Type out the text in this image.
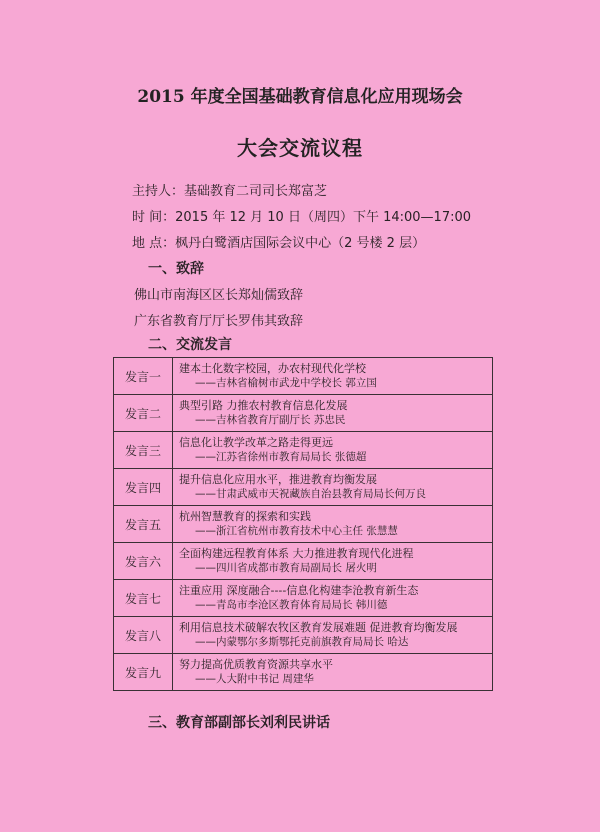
2015 年度全国基础教育信息化应用现场会
大会交流议程
主持人：基础教育二司司长郑富芝
时 间：2015 年 12 月 10 日（周四）下午 14:00—17:00
地 点：枫丹白鹭酒店国际会议中心（2 号楼 2 层）
一、致辞
佛山市南海区区长郑灿儒致辞
广东省教育厅厅长罗伟其致辞
二、交流发言
发言一	建本土化数字校园，办农村现代化学校
——吉林省榆树市武龙中学校长 郭立国

发言二	典型引路 力推农村教育信息化发展
——吉林省教育厅副厅长 苏忠民

发言三	信息化让教学改革之路走得更远
——江苏省徐州市教育局局长 张德超

发言四	提升信息化应用水平，推进教育均衡发展
——甘肃武威市天祝藏族自治县教育局局长何万良

发言五	杭州智慧教育的探索和实践
——浙江省杭州市教育技术中心主任 张慧慧

发言六	全面构建远程教育体系 大力推进教育现代化进程
——四川省成都市教育局副局长 屠火明

发言七	注重应用 深度融合----信息化构建李沧教育新生态
——青岛市李沧区教育体育局局长 韩川德

发言八	利用信息技术破解农牧区教育发展难题 促进教育均衡发展
——内蒙鄂尔多斯鄂托克前旗教育局局长 哈达

发言九	努力提高优质教育资源共享水平
——人大附中书记 周建华
三、教育部副部长刘利民讲话
